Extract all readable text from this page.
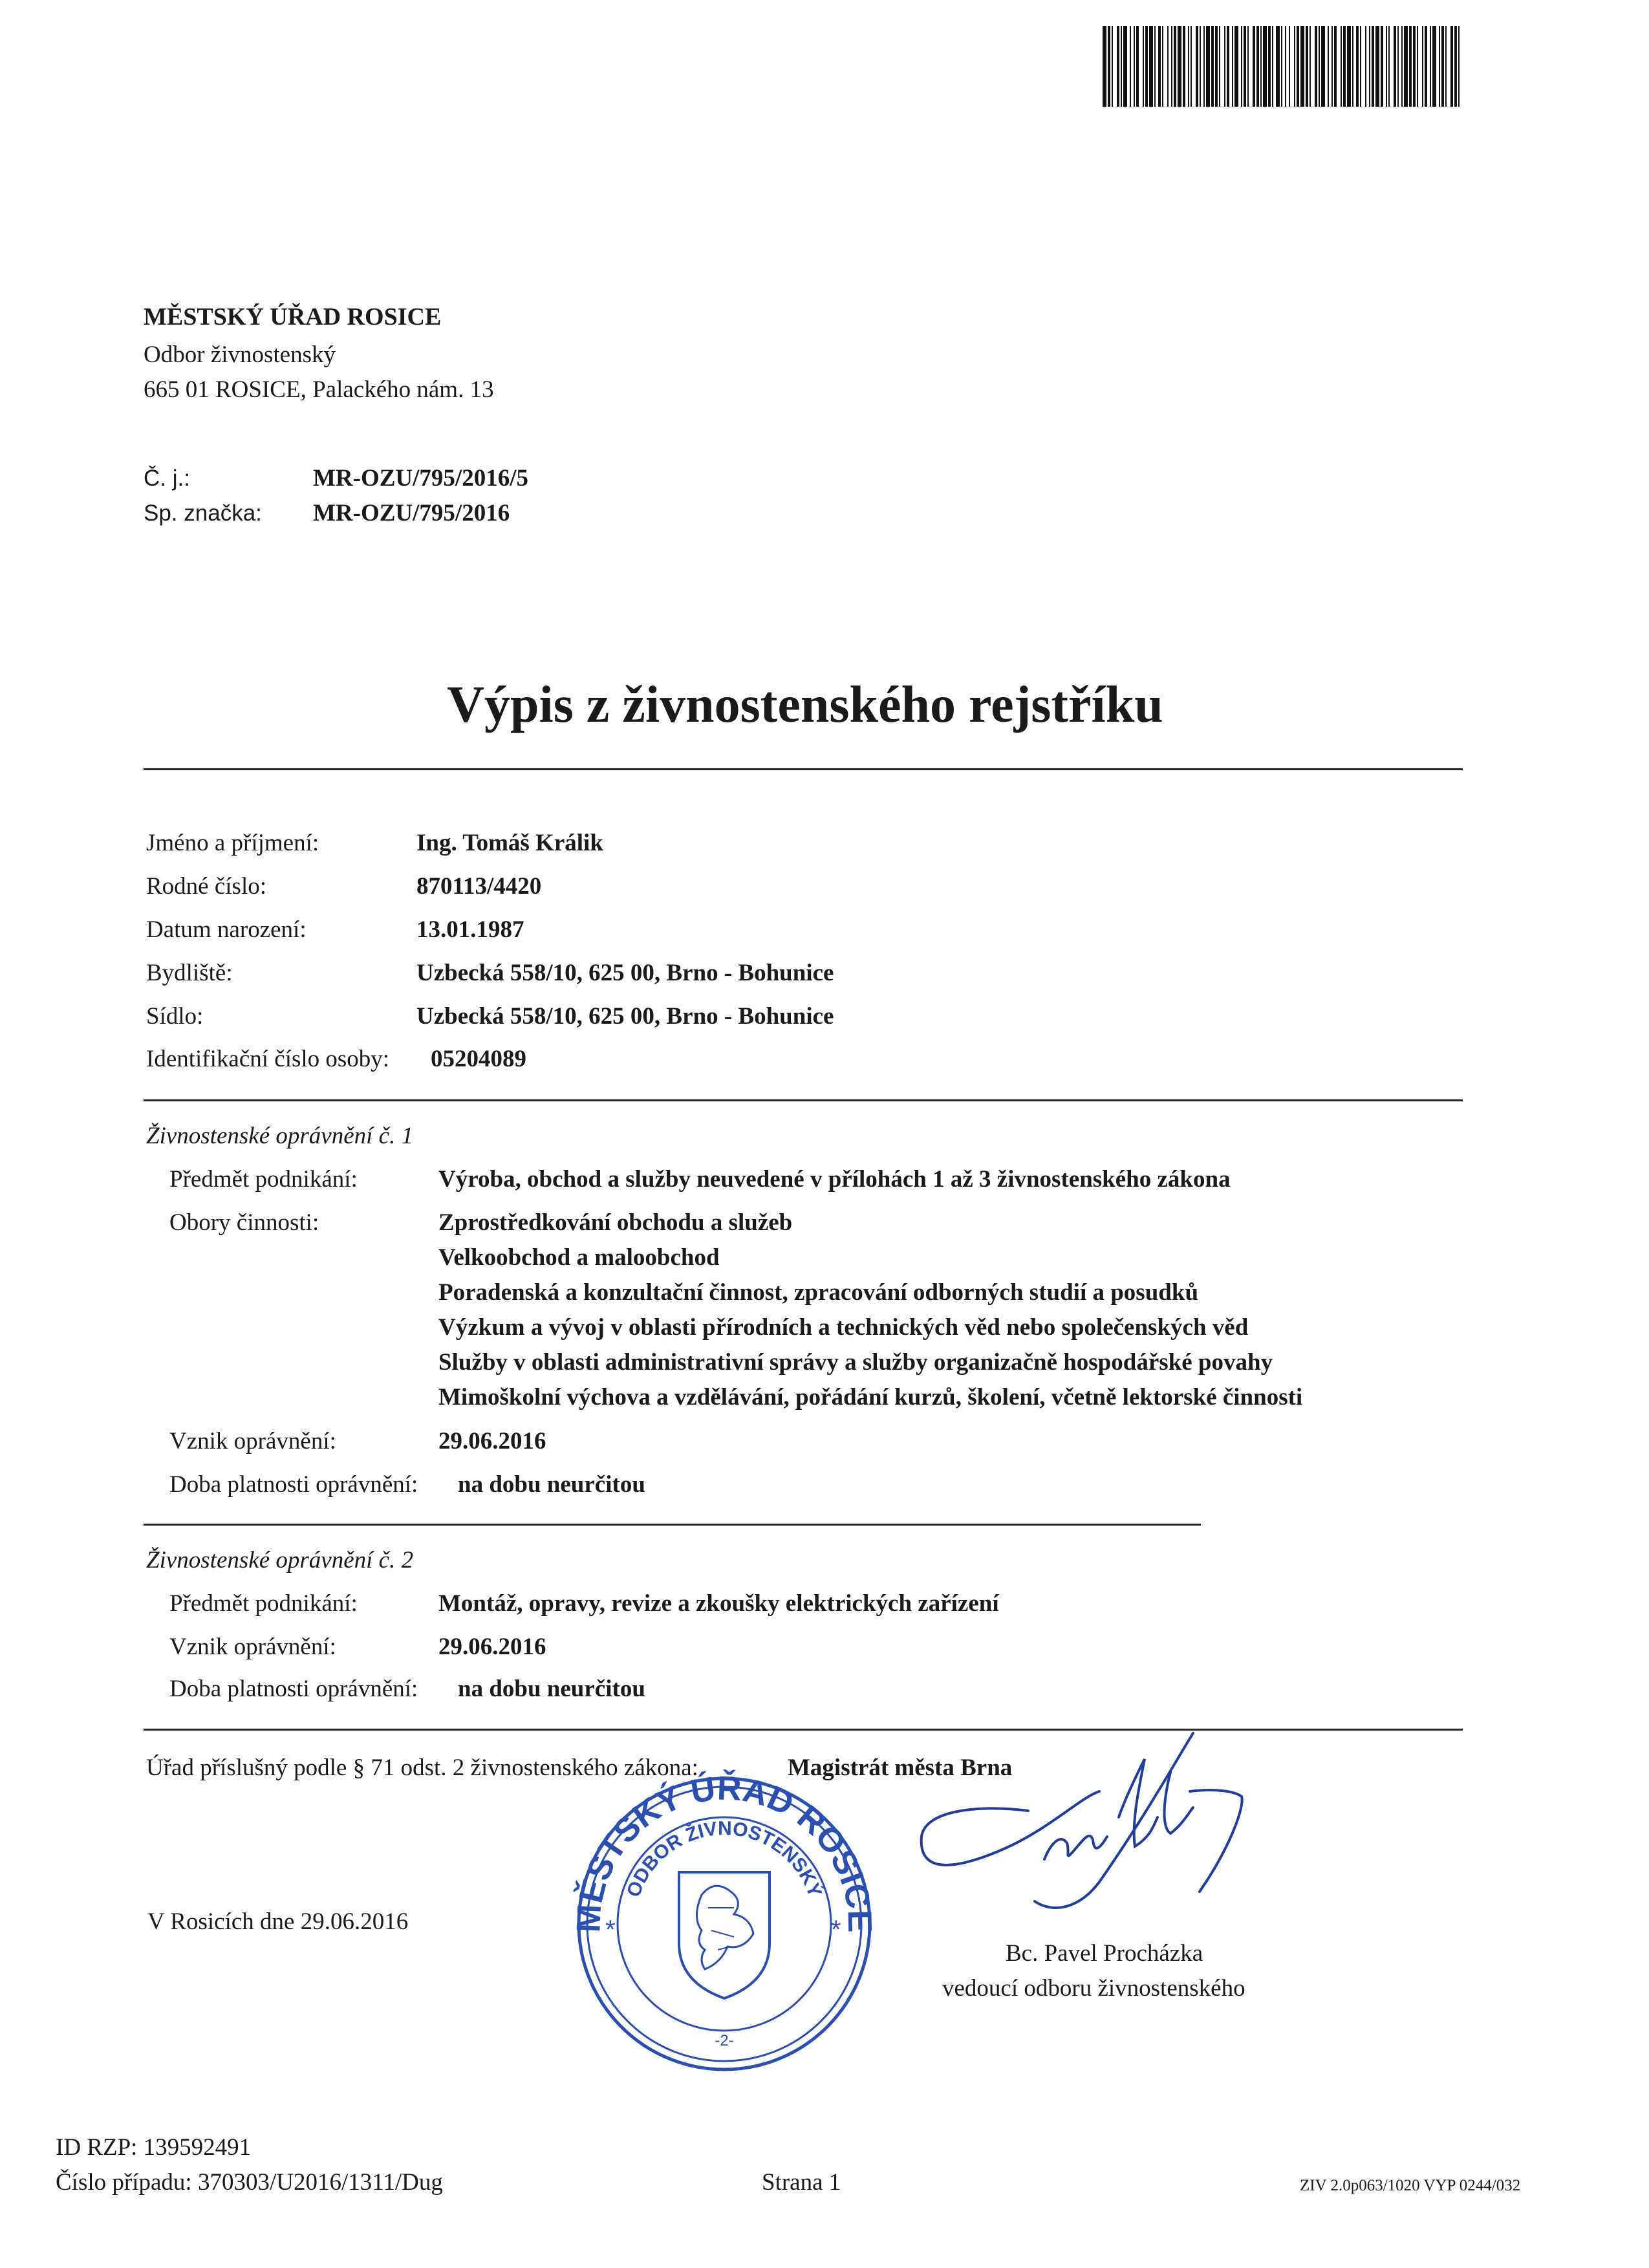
MĚSTSKÝ ÚŘAD ROSICE
Odbor živnostenský
665 01 ROSICE, Palackého nám. 13
Č. j.:	MR-OZU/795/2016/5
Sp. značka: MR-OZU/795/2016
Výpis z živnostenského rejstříku
Jméno a příjmení:	Ing. Tomáš Králik
Rodné číslo:	870113/4420
Datum narození:	13.01.1987
Bydliště:	Uzbecká 558/10, 625 00, Brno - Bohunice
Sídlo:	Uzbecká 558/10, 625 00, Brno - Bohunice
Identifikační číslo osoby: 05204089
Živnostenské oprávnění č. 1
Předmět podnikání:	Výroba, obchod a služby neuvedené v přílohách 1 až 3 živnostenského zákona
Obory činnosti:	Zprostředkování obchodu a služeb
Velkoobchod a maloobchod
Poradenská a konzultační činnost, zpracování odborných studií a posudků
Výzkum a vývoj v oblasti přírodních a technických věd nebo společenských věd
Služby v oblasti administrativní správy a služby organizačně hospodářské povahy
Mimoškolní výchova a vzdělávání, pořádání kurzů, školení, včetně lektorské činnosti
Vznik oprávnění:	29.06.2016
Doba platnosti oprávnění: na dobu neurčitou
Živnostenské oprávnění č. 2
Předmět podnikání:	Montáž, opravy, revize a zkoušky elektrických zařízení
Vznik oprávnění:	29.06.2016
Doba platnosti oprávnění: na dobu neurčitou
Úřad příslušný podle § 71 odst. 2 živnostenského zákona:	Magistrát města Brna
V Rosicích dne 29.06.2016	MĚSTSKÝ ÚŘAD ROSICE
ODBOR ŽIVNOSTENSKÝ
*	*
-2-
Bc. Pavel Procházka
vedoucí odboru živnostenského
ID RZP: 139592491
Číslo případu: 370303/U2016/1311/Dug	Strana 1	ZIV 2.0p063/1020 VYP 0244/032
